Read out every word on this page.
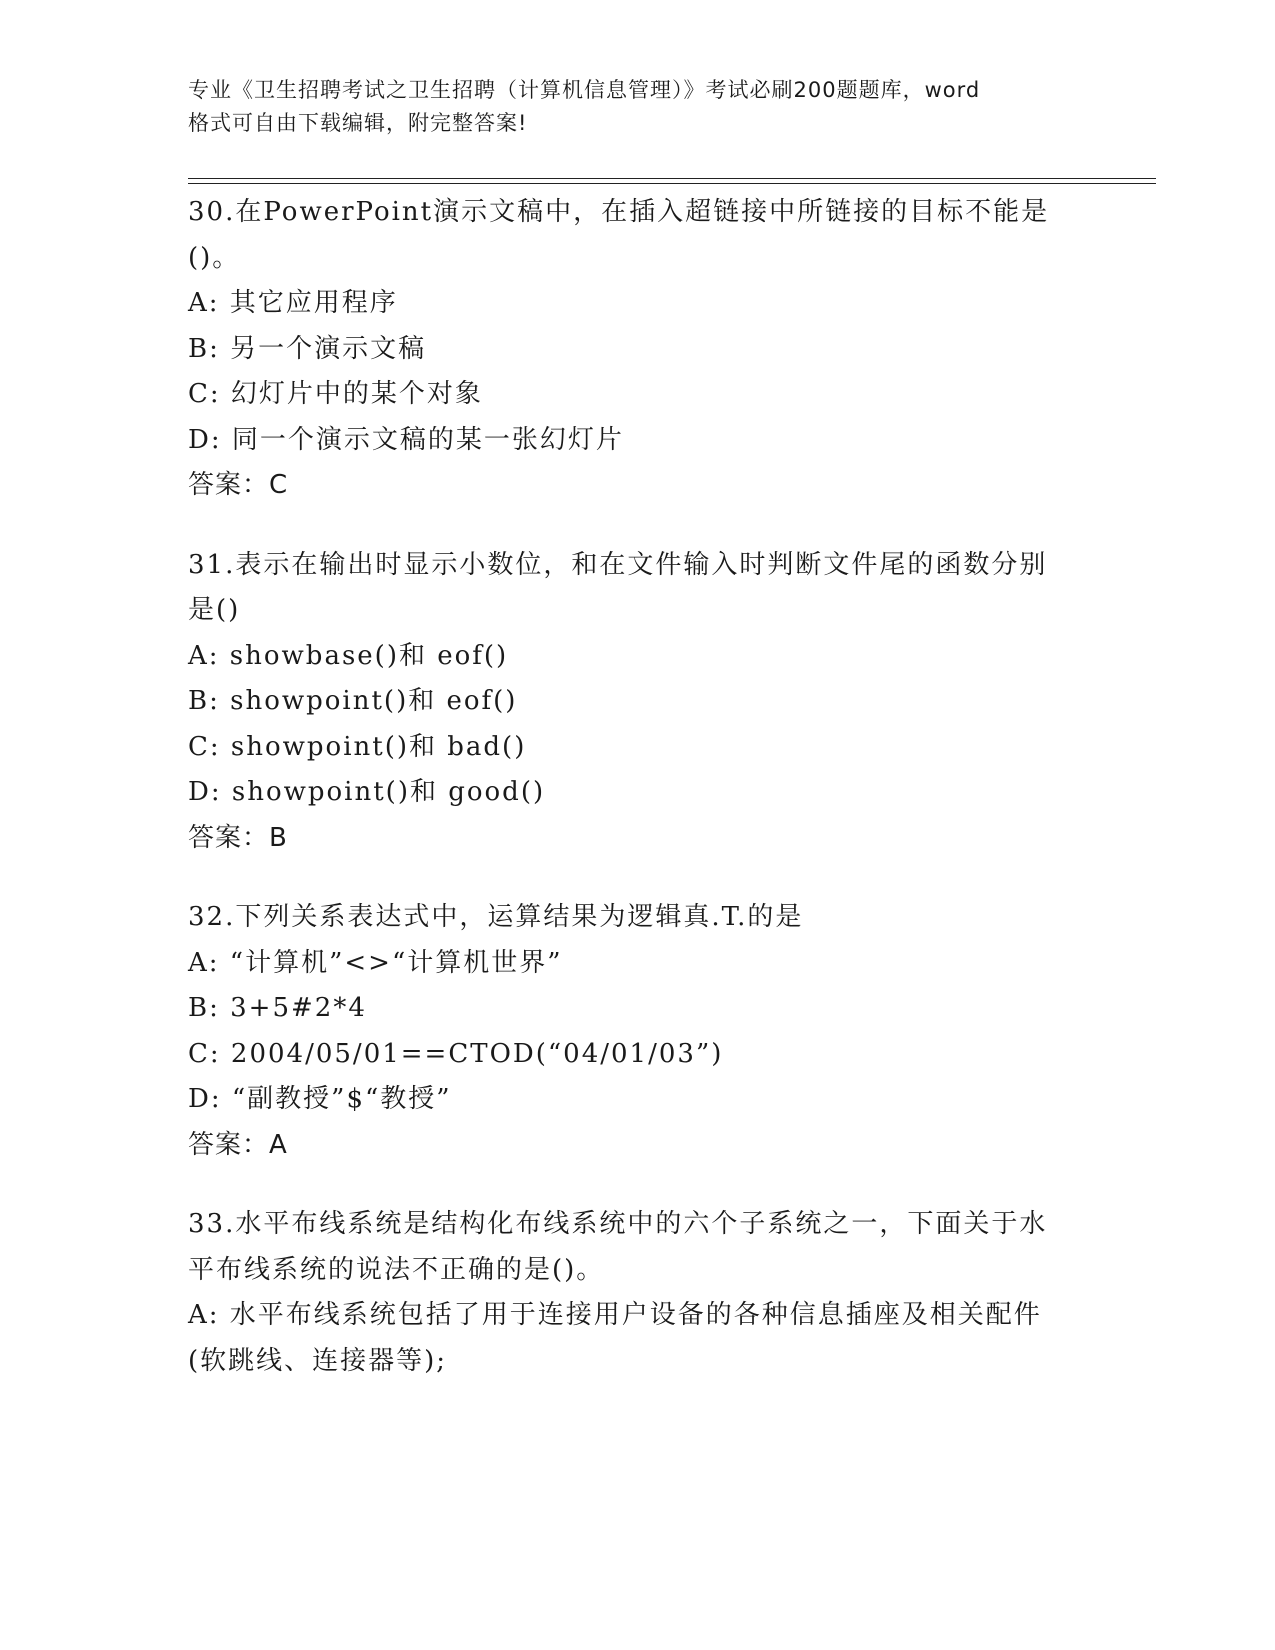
专业《卫生招聘考试之卫生招聘（计算机信息管理）》考试必刷200题题库，word
格式可自由下载编辑，附完整答案!
30.在PowerPoint演示文稿中，在插入超链接中所链接的目标不能是
()。
A: 其它应用程序
B: 另一个演示文稿
C: 幻灯片中的某个对象
D: 同一个演示文稿的某一张幻灯片
答案：C
31.表示在输出时显示小数位，和在文件输入时判断文件尾的函数分别
是()
A: showbase()和 eof()
B: showpoint()和 eof()
C: showpoint()和 bad()
D: showpoint()和 good()
答案：B
32.下列关系表达式中，运算结果为逻辑真.T.的是
A: “计算机”<>“计算机世界”
B: 3+5#2*4
C: 2004/05/01==CTOD(“04/01/03”)
D: “副教授”$“教授”
答案：A
33.水平布线系统是结构化布线系统中的六个子系统之一，下面关于水
平布线系统的说法不正确的是()。
A: 水平布线系统包括了用于连接用户设备的各种信息插座及相关配件
(软跳线、连接器等);
